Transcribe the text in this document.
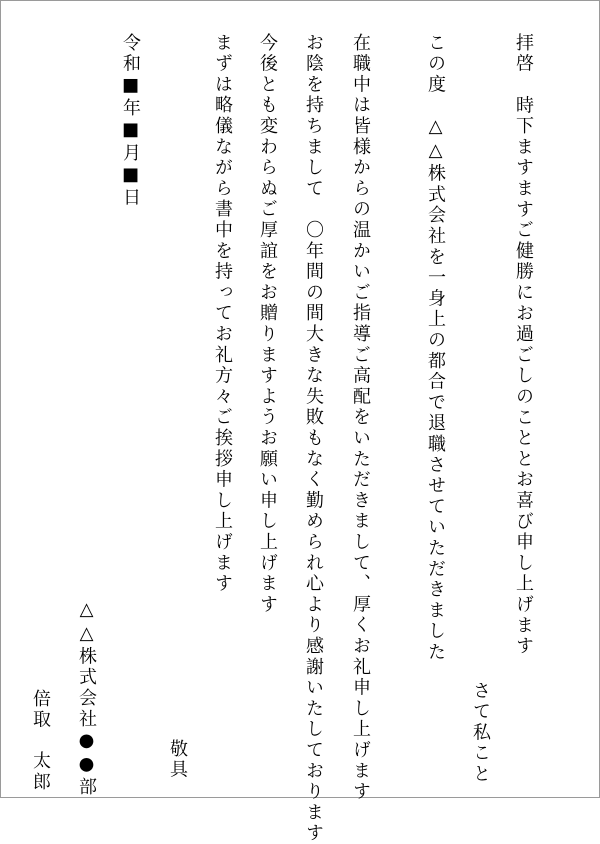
拝啓　時下ますますご健勝にお過ごしのこととお喜び申し上げます
さて私こと
この度　△△株式会社を一身上の都合で退職させていただきました
在職中は皆様からの温かいご指導ご高配をいただきまして、厚くお礼申し上げます
お陰を持ちまして　〇年間の間大きな失敗もなく勤められ心より感謝いたしております
今後とも変わらぬご厚誼をお贈りますようお願い申し上げます
まずは略儀ながら書中を持ってお礼方々ご挨拶申し上げます
令和■年■月■日
敬具
△△株式会社●●部
倍取　太郎
